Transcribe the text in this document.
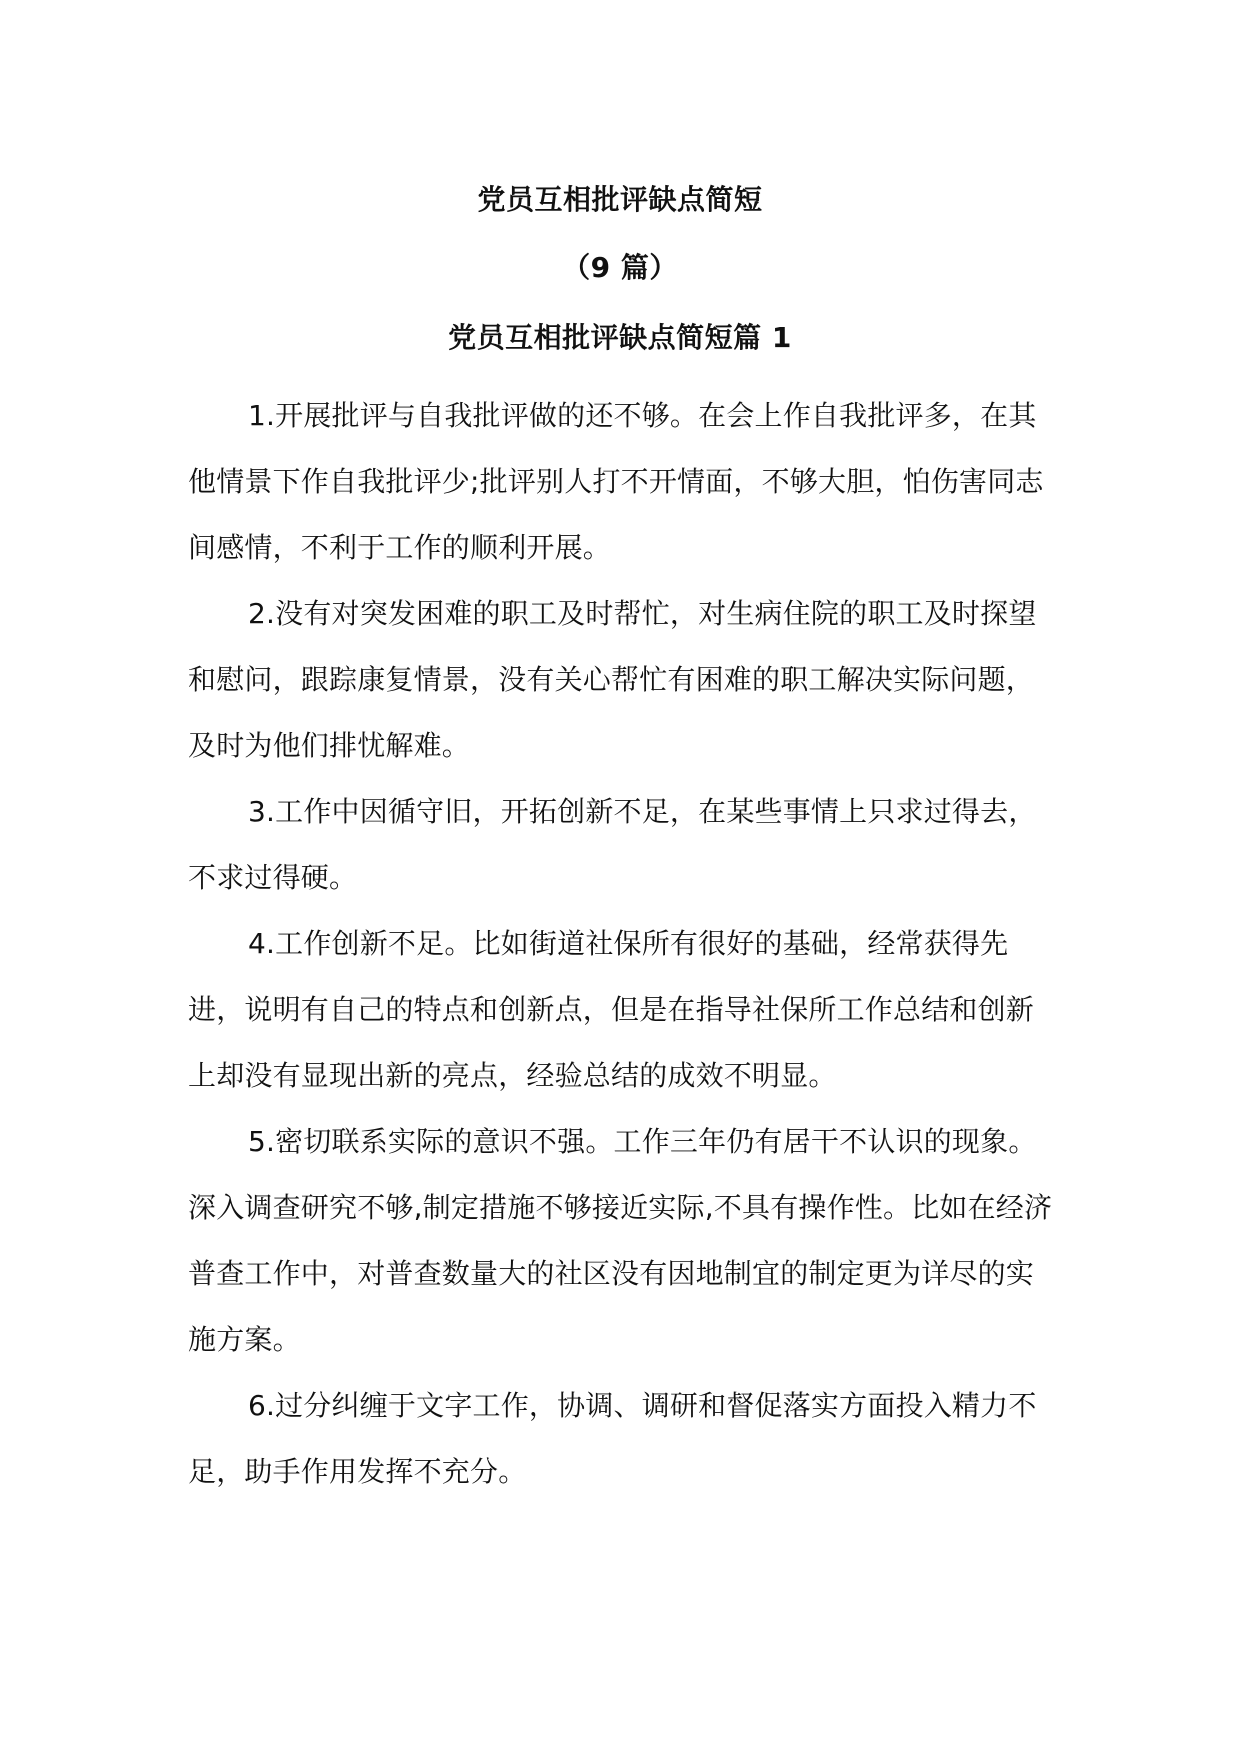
党员互相批评缺点简短
（9 篇）
党员互相批评缺点简短篇 1

1.开展批评与自我批评做的还不够。在会上作自我批评多，在其他情景下作自我批评少;批评别人打不开情面，不够大胆，怕伤害同志间感情，不利于工作的顺利开展。

2.没有对突发困难的职工及时帮忙，对生病住院的职工及时探望和慰问，跟踪康复情景，没有关心帮忙有困难的职工解决实际问题，及时为他们排忧解难。

3.工作中因循守旧，开拓创新不足，在某些事情上只求过得去，不求过得硬。

4.工作创新不足。比如街道社保所有很好的基础，经常获得先进，说明有自己的特点和创新点，但是在指导社保所工作总结和创新上却没有显现出新的亮点，经验总结的成效不明显。

5.密切联系实际的意识不强。工作三年仍有居干不认识的现象。深入调查研究不够,制定措施不够接近实际,不具有操作性。比如在经济普查工作中，对普查数量大的社区没有因地制宜的制定更为详尽的实施方案。

6.过分纠缠于文字工作，协调、调研和督促落实方面投入精力不足，助手作用发挥不充分。
